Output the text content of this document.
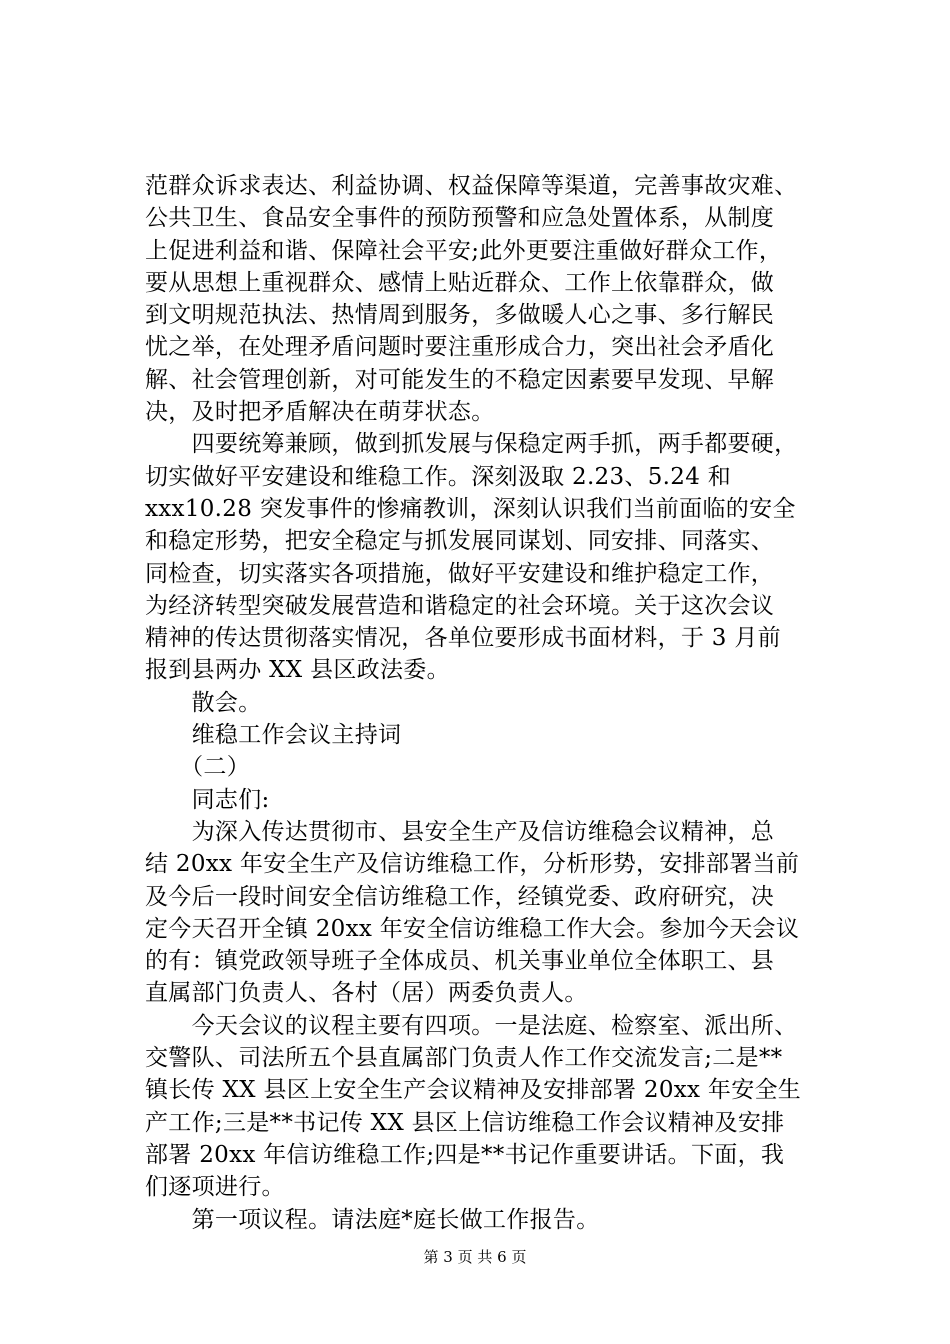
范群众诉求表达、利益协调、权益保障等渠道，完善事故灾难、
公共卫生、食品安全事件的预防预警和应急处置体系，从制度
上促进利益和谐、保障社会平安;此外更要注重做好群众工作，
要从思想上重视群众、感情上贴近群众、工作上依靠群众，做
到文明规范执法、热情周到服务，多做暖人心之事、多行解民
忧之举，在处理矛盾问题时要注重形成合力，突出社会矛盾化
解、社会管理创新，对可能发生的不稳定因素要早发现、早解
决，及时把矛盾解决在萌芽状态。
　　四要统筹兼顾，做到抓发展与保稳定两手抓，两手都要硬，
切实做好平安建设和维稳工作。深刻汲取 2.23、5.24 和
xxx10.28 突发事件的惨痛教训，深刻认识我们当前面临的安全
和稳定形势，把安全稳定与抓发展同谋划、同安排、同落实、
同检查，切实落实各项措施，做好平安建设和维护稳定工作，
为经济转型突破发展营造和谐稳定的社会环境。关于这次会议
精神的传达贯彻落实情况，各单位要形成书面材料，于 3 月前
报到县两办 XX 县区政法委。
　　散会。
　　维稳工作会议主持词
　　（二）
　　同志们:
　　为深入传达贯彻市、县安全生产及信访维稳会议精神，总
结 20xx 年安全生产及信访维稳工作，分析形势，安排部署当前
及今后一段时间安全信访维稳工作，经镇党委、政府研究，决
定今天召开全镇 20xx 年安全信访维稳工作大会。参加今天会议
的有：镇党政领导班子全体成员、机关事业单位全体职工、县
直属部门负责人、各村（居）两委负责人。
　　今天会议的议程主要有四项。一是法庭、检察室、派出所、
交警队、司法所五个县直属部门负责人作工作交流发言;二是**
镇长传 XX 县区上安全生产会议精神及安排部署 20xx 年安全生
产工作;三是**书记传 XX 县区上信访维稳工作会议精神及安排
部署 20xx 年信访维稳工作;四是**书记作重要讲话。下面，我
们逐项进行。
　　第一项议程。请法庭*庭长做工作报告。
第 3 页 共 6 页
